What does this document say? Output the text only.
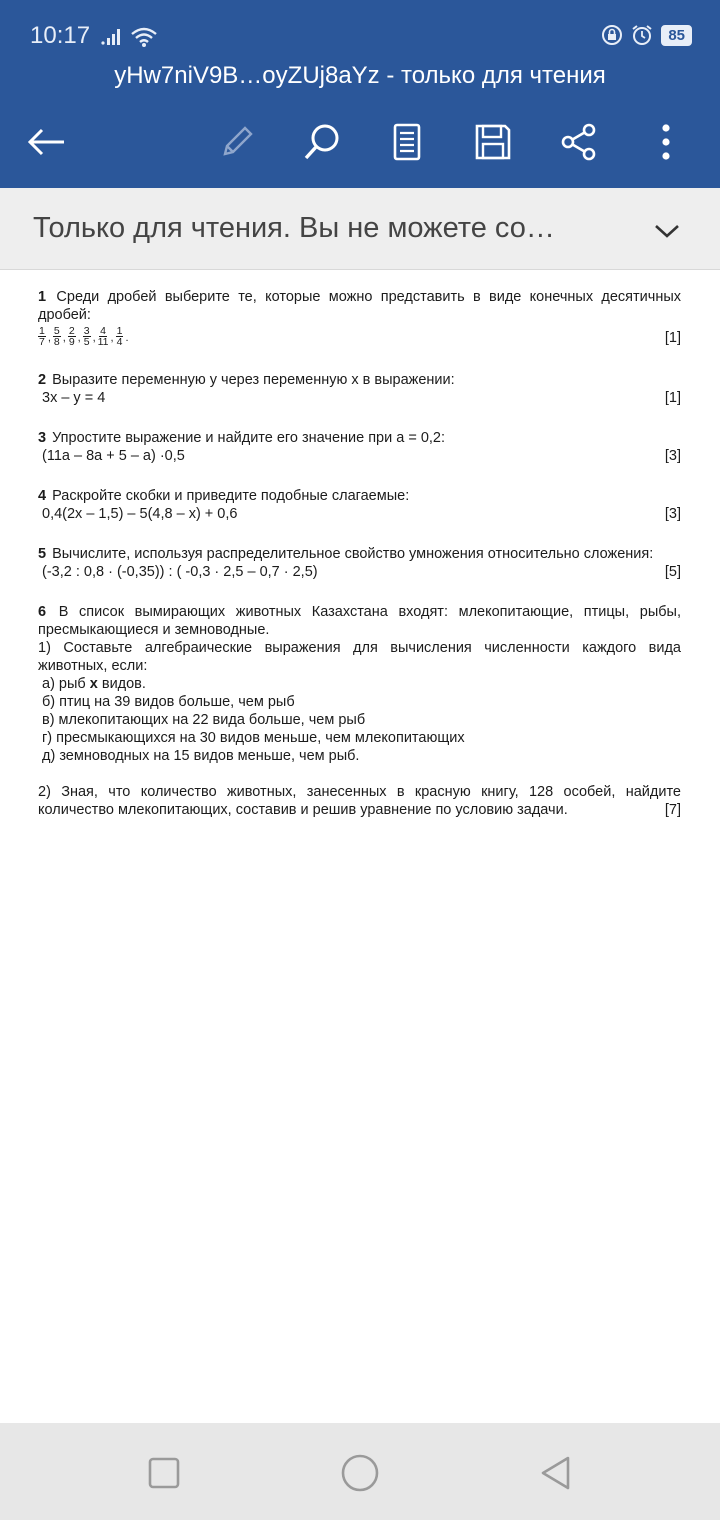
10:17	85
yHw7niV9B…oyZUj8aYz - только для чтения
Только для чтения. Вы не можете со…
1 Среди дробей выберите те, которые можно представить в виде конечных десятичных дробей:
$\frac{1}{7}$ , $\frac{5}{8}$ , $\frac{2}{9}$ , $\frac{3}{5}$ , $\frac{4}{11}$ , $\frac{1}{4}$ .	[1]
2 Выразите переменную у через переменную х в выражении:
3х – у = 4	[1]
3 Упростите выражение и найдите его значение при а = 0,2:
(11а – 8а + 5 – а) ·0,5	[3]
4 Раскройте скобки и приведите подобные слагаемые:
0,4(2х – 1,5) – 5(4,8 – х) + 0,6	[3]
5 Вычислите, используя распределительное свойство умножения относительно сложения:
(-3,2 : 0,8 · (-0,35)) : ( -0,3 · 2,5 – 0,7 · 2,5)	[5]
6 В список вымирающих животных Казахстана входят: млекопитающие, птицы, рыбы, пресмыкающиеся и земноводные.
1) Составьте алгебраические выражения для вычисления численности каждого вида животных, если:
а) рыб х видов.
б) птиц на 39 видов больше, чем рыб
в) млекопитающих на 22 вида больше, чем рыб
г) пресмыкающихся на 30 видов меньше, чем млекопитающих
д) земноводных на 15 видов меньше, чем рыб.
2) Зная, что количество животных, занесенных в красную книгу, 128 особей, найдите количество млекопитающих, составив и решив уравнение по условию задачи.	[7]
